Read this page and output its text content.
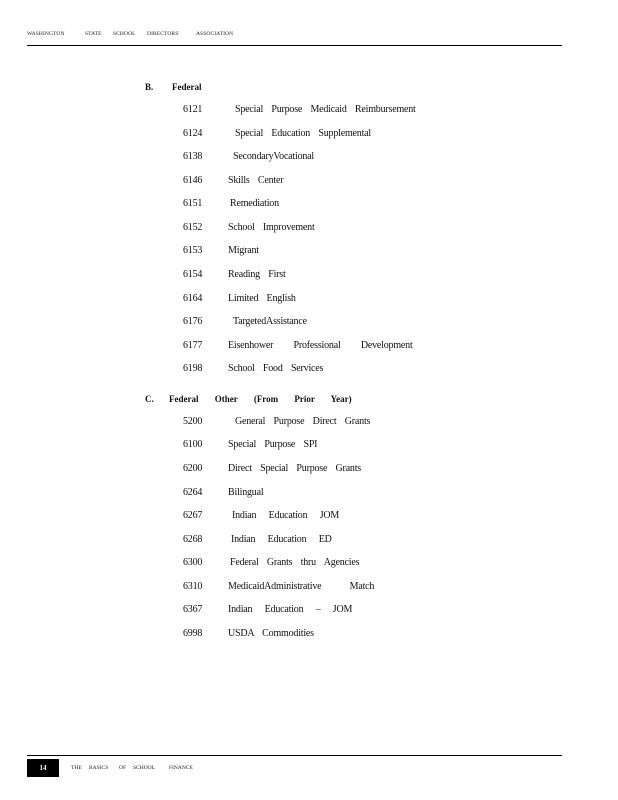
WASHINGTON	STATE SCHOOL DIRECTORS'	ASSOCIATION
B. Federal
6121	Special Purpose Medicaid Reimbursement
6124	Special Education Supplemental
6138	SecondaryVocational
6146	Skills Center
6151	Remediation
6152	School Improvement
6153	Migrant
6154	Reading First
6164	Limited English
6176	TargetedAssistance
6177	Eisenhower Professional Development
6198	School Food Services
C. Federal Other (From Prior Year)
5200	General Purpose Direct Grants
6100	Special Purpose SPI
6200	Direct Special Purpose Grants
6264	Bilingual
6267	Indian Education JOM
6268	Indian Education ED
6300	Federal Grants thru Agencies
6310	MedicaidAdministrative Match
6367	Indian Education – JOM
6998	USDA Commodities
14	THE BASICS OF SCHOOL	FINANCE
